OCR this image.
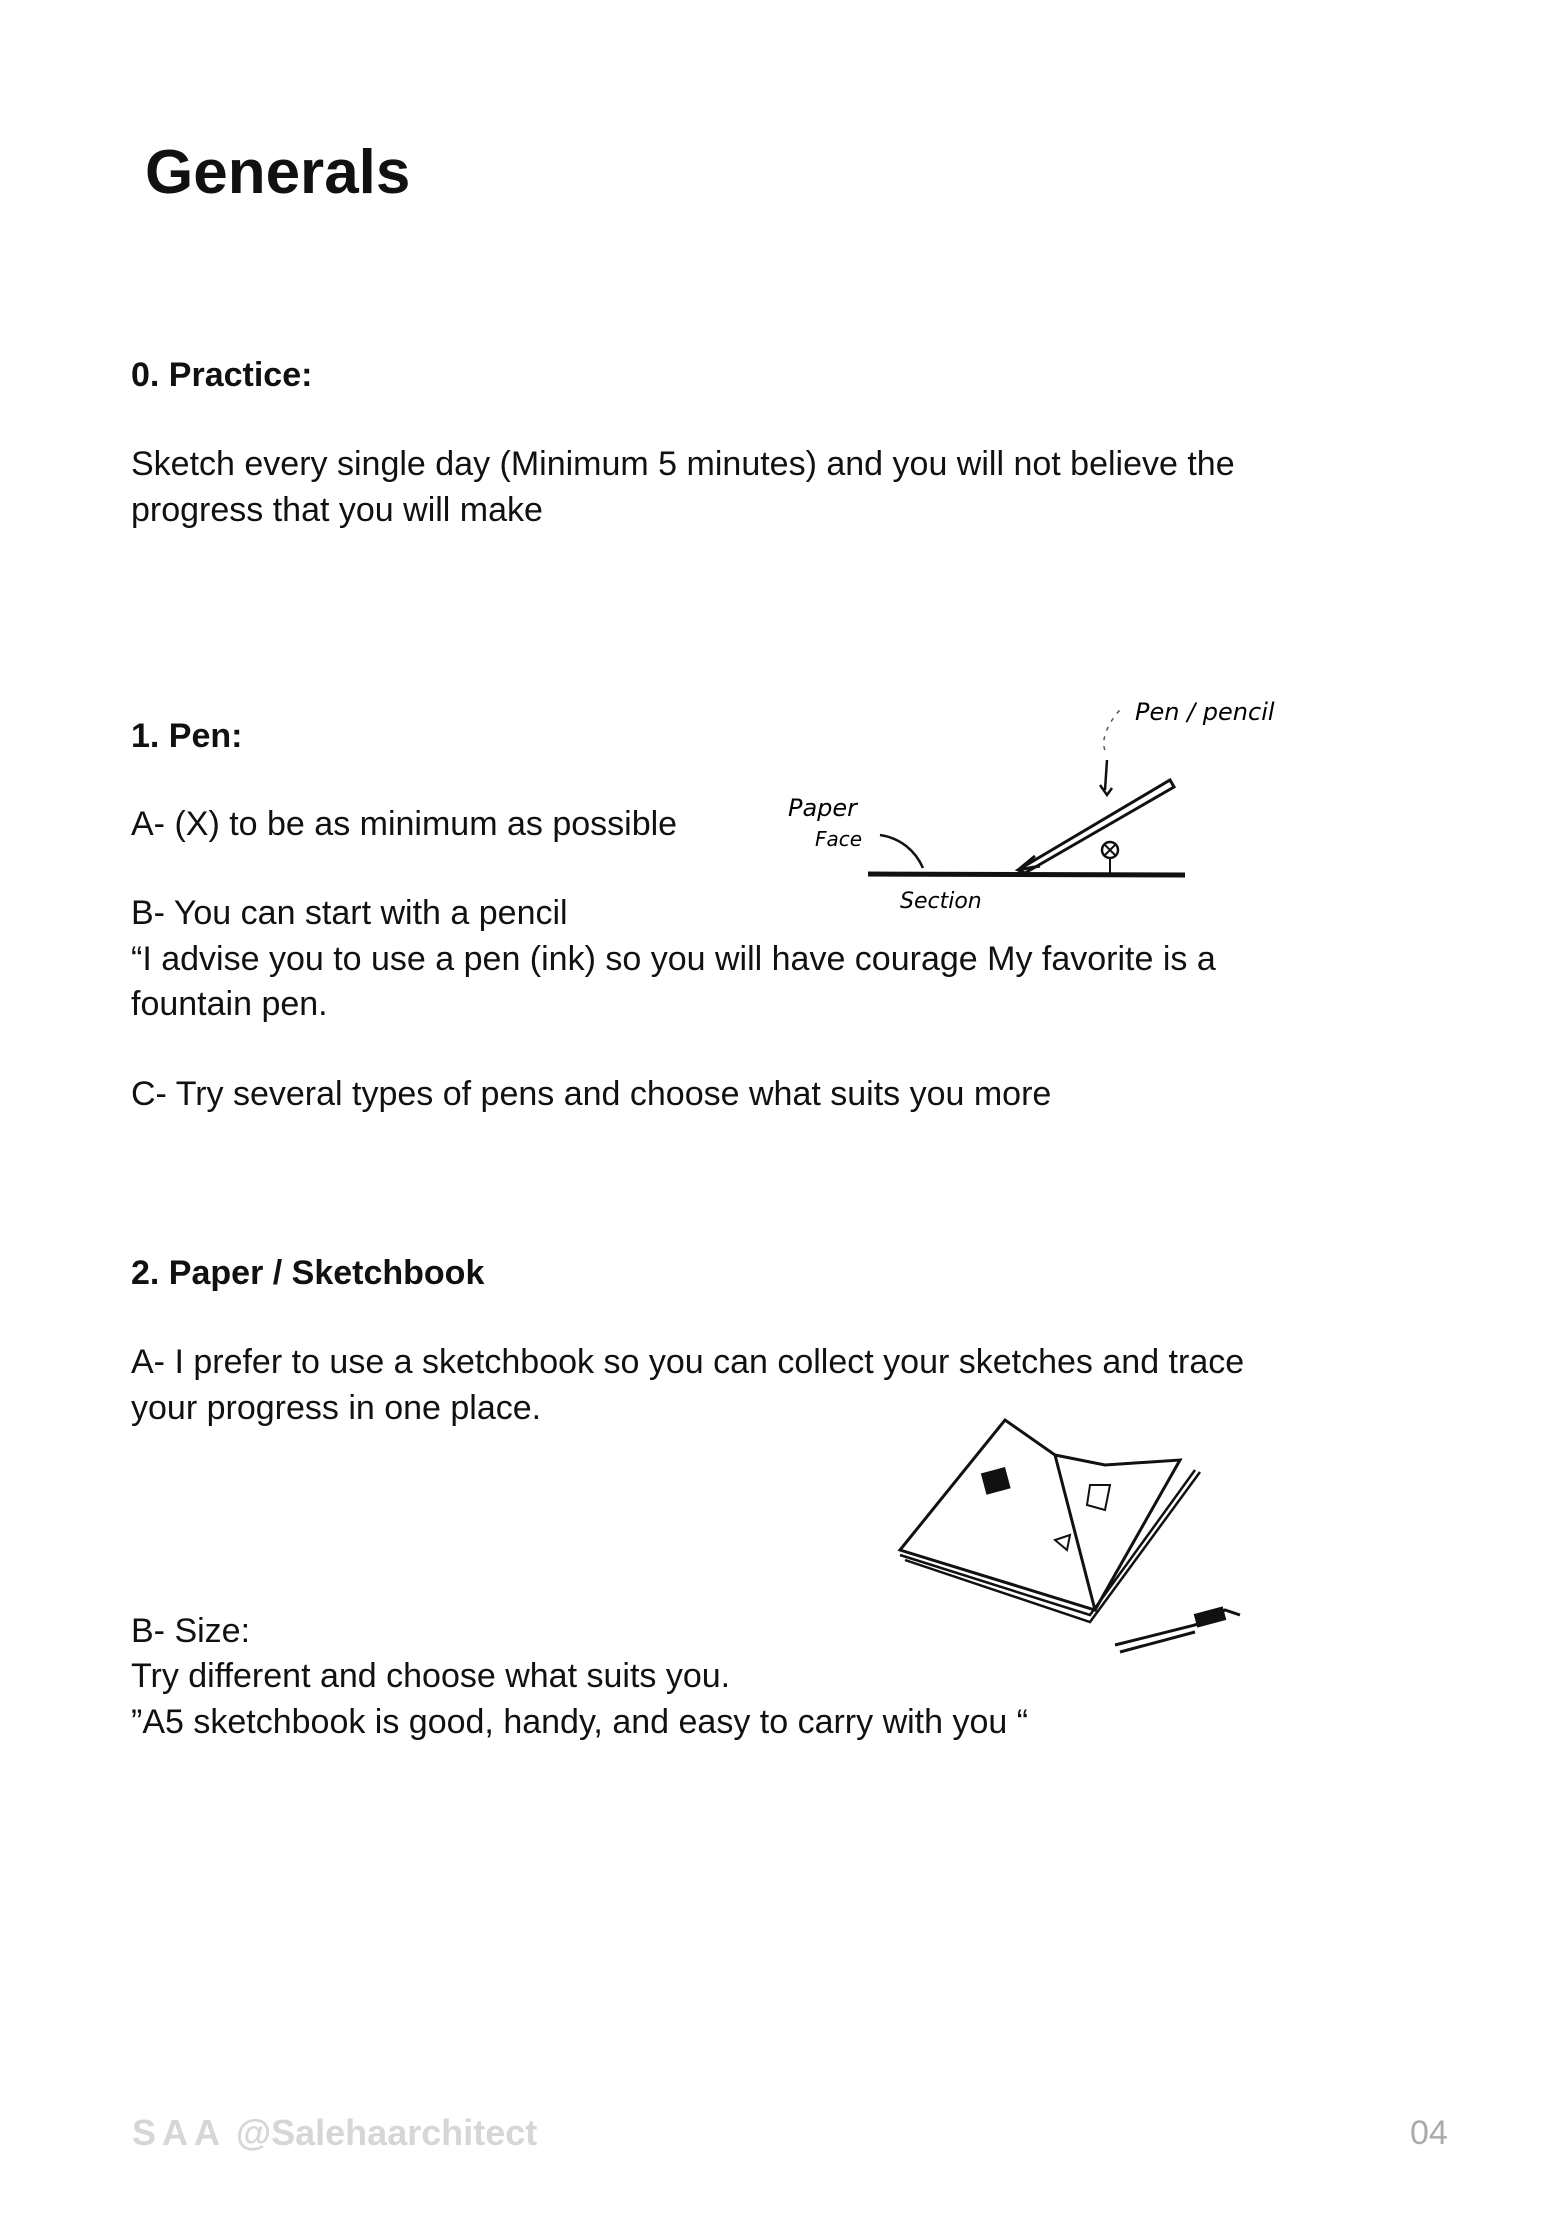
Generals
0. Practice:
Sketch every single day (Minimum 5 minutes) and you will not believe the
progress that you will make
1. Pen:
A- (X) to be as minimum as possible
B- You can start with a pencil
“I advise you to use a pen (ink) so you will have courage My favorite is a
fountain pen.
C- Try several types of pens and choose what suits you more
2. Paper / Sketchbook
A- I prefer to use a sketchbook so you can collect your sketches and trace
your progress in one place.
B- Size:
Try different and choose what suits you.
”A5 sketchbook is good, handy, and easy to carry with you “
Pen / pencil
Paper
Face
Section
SAA @Salehaarchitect	04
